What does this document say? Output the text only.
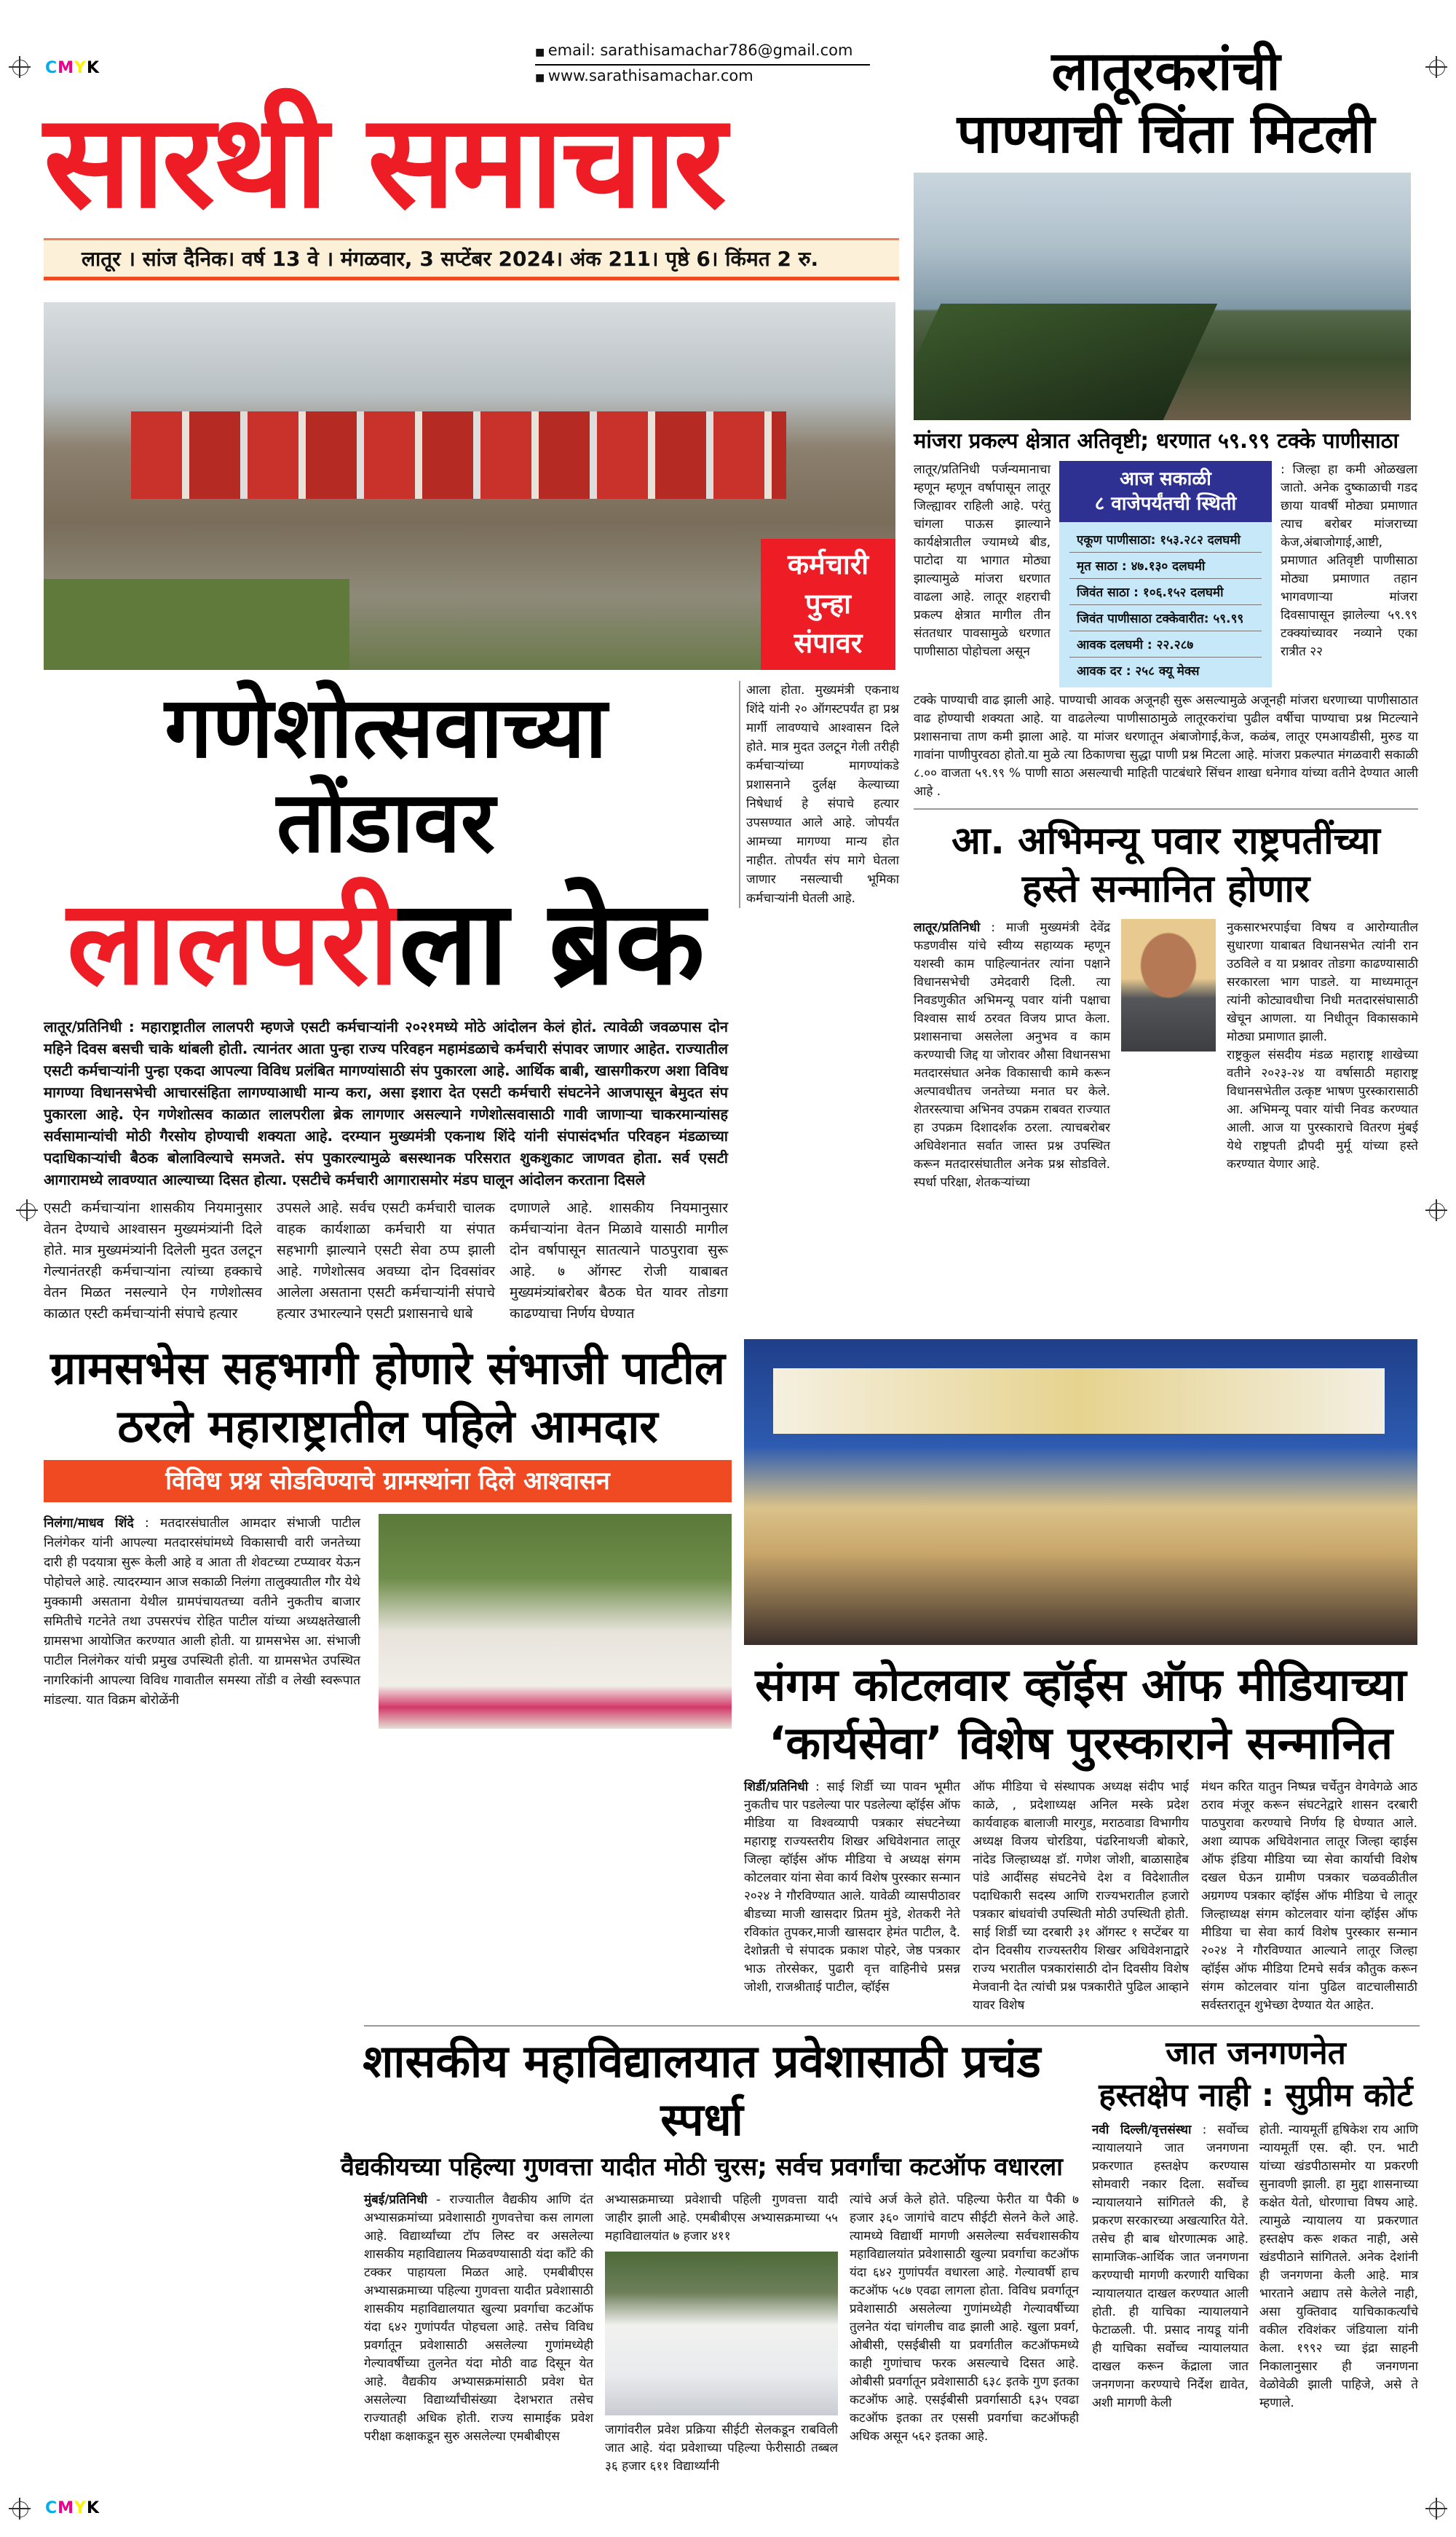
CMYK
■ email: sarathisamachar786@gmail.com
■ www.sarathisamachar.com
सारथी समाचार
लातूर । सांज दैनिक। वर्ष 13 वे । मंगळवार, 3 सप्टेंबर 2024। अंक 211। पृष्ठे 6। किंमत 2 रु.
कर्मचारी
पुन्हा
संपावर
गणेशोत्सवाच्या तोंडावर
लालपरीला ब्रेक
लातूर/प्रतिनिधी : महाराष्ट्रातील लालपरी म्हणजे एसटी कर्मचाऱ्यांनी २०२१मध्ये मोठे आंदोलन केलं होतं. त्यावेळी जवळपास दोन महिने दिवस बसची चाके थांबली होती. त्यानंतर आता पुन्हा राज्य परिवहन महामंडळाचे कर्मचारी संपावर जाणार आहेत. राज्यातील एसटी कर्मचाऱ्यांनी पुन्हा एकदा आपल्या विविध प्रलंबित मागण्यांसाठी संप पुकारला आहे. आर्थिक बाबी, खासगीकरण अशा विविध मागण्या विधानसभेची आचारसंहिता लागण्याआधी मान्य करा, असा इशारा देत एसटी कर्मचारी संघटनेने आजपासून बेमुदत संप पुकारला आहे. ऐन गणेशोत्सव काळात लालपरीला ब्रेक लागणार असल्याने गणेशोत्सवासाठी गावी जाणाऱ्या चाकरमान्यांसह सर्वसामान्यांची मोठी गैरसोय होण्याची शक्यता आहे. दरम्यान मुख्यमंत्री एकनाथ शिंदे यांनी संपासंदर्भात परिवहन मंडळाच्या पदाधिकाऱ्यांची बैठक बोलाविल्याचे समजते. संप पुकारल्यामुळे बसस्थानक परिसरात शुकशुकाट जाणवत होता. सर्व एसटी आगारामध्ये लावण्यात आल्याच्या दिसत होत्या. एसटीचे कर्मचारी आगारासमोर मंडप घालून आंदोलन करताना दिसले
एसटी कर्मचाऱ्यांना शासकीय नियमानुसार वेतन देण्याचे आश्वासन मुख्यमंत्र्यांनी दिले होते. मात्र मुख्यमंत्र्यांनी दिलेली मुदत उलटून गेल्यानंतरही कर्मचाऱ्यांना त्यांच्या हक्काचे वेतन मिळत नसल्याने ऐन गणेशोत्सव काळात एस्टी कर्मचाऱ्यांनी संपाचे हत्यार
उपसले आहे. सर्वच एसटी कर्मचारी चालक वाहक कार्यशाळा कर्मचारी या संपात सहभागी झाल्याने एसटी सेवा ठप्प झाली आहे. गणेशोत्सव अवघ्या दोन दिवसांवर आलेला असताना एसटी कर्मचाऱ्यांनी संपाचे हत्यार उभारल्याने एसटी प्रशासनाचे धाबे
दणाणले आहे. शासकीय नियमानुसार कर्मचाऱ्यांना वेतन मिळावे यासाठी मागील दोन वर्षापासून सातत्याने पाठपुरावा सुरू आहे. ७ ऑगस्ट रोजी याबाबत मुख्यमंत्र्यांबरोबर बैठक घेत यावर तोडगा काढण्याचा निर्णय घेण्यात
आला होता. मुख्यमंत्री एकनाथ शिंदे यांनी २० ऑगस्टपर्यंत हा प्रश्न मार्गी लावण्याचे आश्वासन दिले होते. मात्र मुदत उलटून गेली तरीही कर्मचाऱ्यांच्या मागण्यांकडे प्रशासनाने दुर्लक्ष केल्याच्या निषेधार्थ हे संपाचे हत्यार उपसण्यात आले आहे. जोपर्यंत आमच्या मागण्या मान्य होत नाहीत. तोपर्यंत संप मागे घेतला जाणार नसल्याची भूमिका कर्मचाऱ्यांनी घेतली आहे.
लातूरकरांची
पाण्याची चिंता मिटली
मांजरा प्रकल्प क्षेत्रात अतिवृष्टी; धरणात ५९.९९ टक्के पाणीसाठा
लातूर/प्रतिनिधी पर्जन्यमानाचा म्हणून म्हणून वर्षापासून लातूर जिल्ह्यावर राहिली आहे. परंतु चांगला पाऊस झाल्याने कार्यक्षेत्रातील ज्यामध्ये बीड, पाटोदा या भागात मोठ्या झाल्यामुळे मांजरा धरणात वाढला आहे. लातूर शहराची प्रकल्प क्षेत्रात मागील तीन संततधार पावसामुळे धरणात पाणीसाठा पोहोचला असून
आज सकाळी
८ वाजेपर्यंतची स्थिती
एकूण पाणीसाठा: १५३.२८२ दलघमी
मृत साठा : ४७.१३० दलघमी
जिवंत साठा : १०६.१५२ दलघमी
जिवंत पाणीसाठा टक्केवारीत: ५९.९९
आवक दलघमी : २२.२८७
आवक दर : २५८ क्यू मेक्स
: जिल्हा हा कमी ओळखला जातो. अनेक दुष्काळाची गडद छाया यावर्षी मोठ्या प्रमाणात त्याच बरोबर मांजराच्या केज,अंबाजोगाई,आष्टी, प्रमाणात अतिवृष्टी पाणीसाठा मोठ्या प्रमाणात तहान भागवणाऱ्या मांजरा दिवसापासून झालेल्या ५९.९९ टक्क्यांच्यावर नव्याने एका रात्रीत २२
टक्के पाण्याची वाढ झाली आहे. पाण्याची आवक अजूनही सुरू असल्यामुळे अजूनही मांजरा धरणाच्या पाणीसाठात वाढ होण्याची शक्यता आहे. या वाढलेल्या पाणीसाठामुळे लातूरकरांचा पुढील वर्षीचा पाण्याचा प्रश्न मिटल्याने प्रशासनाचा ताण कमी झाला आहे. या मांजर धरणातून अंबाजोगाई,केज, कळंब, लातूर एमआयडीसी, मुरुड या गावांना पाणीपुरवठा होतो.या मुळे त्या ठिकाणचा सुद्धा पाणी प्रश्न मिटला आहे. मांजरा प्रकल्पात मंगळवारी सकाळी ८.०० वाजता ५९.९९ % पाणी साठा असल्याची माहिती पाटबंधारे सिंचन शाखा धनेगाव यांच्या वतीने देण्यात आली आहे .
आ. अभिमन्यू पवार राष्ट्रपतींच्या
हस्ते सन्मानित होणार
लातूर/प्रतिनिधी : माजी मुख्यमंत्री देवेंद्र फडणवीस यांचे स्वीय्य सहाय्यक म्हणून यशस्वी काम पाहिल्यानंतर त्यांना पक्षाने विधानसभेची उमेदवारी दिली. त्या निवडणुकीत अभिमन्यू पवार यांनी पक्षाचा विश्वास सार्थ ठरवत विजय प्राप्त केला. प्रशासनाचा असलेला अनुभव व काम करण्याची जिद्द या जोरावर औसा विधानसभा मतदारसंघात अनेक विकासाची कामे करून अल्पावधीतच जनतेच्या मनात घर केले. शेतरस्त्याचा अभिनव उपक्रम राबवत राज्यात हा उपक्रम दिशादर्शक ठरला. त्याचबरोबर अधिवेशनात सर्वात जास्त प्रश्न उपस्थित करून मतदारसंघातील अनेक प्रश्न सोडविले. स्पर्धा परिक्षा, शेतकऱ्यांच्या
नुकसारभरपाईचा विषय व आरोग्यातील सुधारणा याबाबत विधानसभेत त्यांनी रान उठविले व या प्रश्नावर तोडगा काढण्यासाठी सरकारला भाग पाडले. या माध्यमातून त्यांनी कोट्यावधीचा निधी मतदारसंघासाठी खेचून आणला. या निधीतून विकासकामे मोठ्या प्रमाणात झाली.
राष्ट्रकुल संसदीय मंडळ महाराष्ट्र शाखेच्या वतीने २०२३-२४ या वर्षासाठी महाराष्ट्र विधानसभेतील उत्कृष्ट भाषण पुरस्कारासाठी आ. अभिमन्यू पवार यांची निवड करण्यात आली. आज या पुरस्काराचे वितरण मुंबई येथे राष्ट्रपती द्रौपदी मुर्मू यांच्या हस्ते करण्यात येणार आहे.
ग्रामसभेस सहभागी होणारे संभाजी पाटील
ठरले महाराष्ट्रातील पहिले आमदार
विविध प्रश्न सोडविण्याचे ग्रामस्थांना दिले आश्वासन
निलंगा/माधव शिंदे : मतदारसंघातील आमदार संभाजी पाटील निलंगेकर यांनी आपल्या मतदारसंघांमध्ये विकासाची वारी जनतेच्या दारी ही पदयात्रा सुरू केली आहे व आता ती शेवटच्या टप्प्यावर येऊन पोहोचले आहे. त्यादरम्यान आज सकाळी निलंगा तालुक्यातील गौर येथे मुक्कामी असताना येथील ग्रामपंचायतच्या वतीने नुकतीच बाजार समितीचे गटनेते तथा उपसरपंच रोहित पाटील यांच्या अध्यक्षतेखाली ग्रामसभा आयोजित करण्यात आली होती. या ग्रामसभेस आ. संभाजी पाटील निलंगेकर यांची प्रमुख उपस्थिती होती. या ग्रामसभेत उपस्थित नागरिकांनी आपल्या विविध गावातील समस्या तोंडी व लेखी स्वरूपात मांडल्या. यात विक्रम बोरोळेंनी	संगम कोटलवार व्हॉईस ऑफ मीडियाच्या
‘कार्यसेवा’ विशेष पुरस्काराने सन्मानित
शिर्डी/प्रतिनिधी : साई शिर्डी च्या पावन भूमीत नुकतीच पार पडलेल्या पार पडलेल्या व्हॉईस ऑफ मीडिया या विश्वव्यापी पत्रकार संघटनेच्या महाराष्ट्र राज्यस्तरीय शिखर अधिवेशनात लातूर जिल्हा व्हॉईस ऑफ मीडिया चे अध्यक्ष संगम कोटलवार यांना सेवा कार्य विशेष पुरस्कार सन्मान २०२४ ने गौरविण्यात आले. यावेळी व्यासपीठावर बीडच्या माजी खासदार प्रितम मुंडे, शेतकरी नेते रविकांत तुपकर,माजी खासदार हेमंत पाटील, दै. देशोन्नती चे संपादक प्रकाश पोहरे, जेष्ठ पत्रकार भाऊ तोरसेकर, पुढारी वृत्त वाहिनीचे प्रसन्न जोशी, राजश्रीताई पाटील, व्हॉईस
ऑफ मीडिया चे संस्थापक अध्यक्ष संदीप भाई काळे, , प्रदेशाध्यक्ष अनिल मस्के प्रदेश कार्यवाहक बालाजी मारगुड, मराठवाडा विभागीय अध्यक्ष विजय चोरडिया, पंढरिनाथजी बोकारे, नांदेड जिल्हाध्यक्ष डॉ. गणेश जोशी, बाळासाहेब पांडे आदींसह संघटनेचे देश व विदेशातील पदाधिकारी सदस्य आणि राज्यभरातील हजारो पत्रकार बांधवांची उपस्थिती मोठी उपस्थिती होती. साई शिर्डी च्या दरबारी ३१ ऑगस्ट १ सप्टेंबर या दोन दिवसीय राज्यस्तरीय शिखर अधिवेशनाद्वारे राज्य भरातील पत्रकारांसाठी दोन दिवसीय विशेष मेजवानी देत त्यांची प्रश्न पत्रकारीते पुढिल आव्हाने यावर विशेष
मंथन करित यातुन निष्पन्न चर्चेतुन वेगवेगळे आठ ठराव मंजूर करून संघटनेद्वारे शासन दरबारी पाठपुरावा करण्याचे निर्णय हि घेण्यात आले. अशा व्यापक अधिवेशनात लातूर जिल्हा व्हाईस ऑफ इंडिया मीडिया च्या सेवा कार्याची विशेष दखल घेऊन ग्रामीण पत्रकार चळवळीतील अग्रगण्य पत्रकार व्हॉईस ऑफ मीडिया चे लातूर जिल्हाध्यक्ष संगम कोटलवार यांना व्हॉईस ऑफ मीडिया चा सेवा कार्य विशेष पुरस्कार सन्मान २०२४ ने गौरविण्यात आल्याने लातूर जिल्हा व्हॉईस ऑफ मीडिया टिमचे सर्वत्र कौतुक करून संगम कोटलवार यांना पुढिल वाटचालीसाठी सर्वस्तरातून शुभेच्छा देण्यात येत आहेत.
शासकीय महाविद्यालयात प्रवेशासाठी प्रचंड स्पर्धा
वैद्यकीयच्या पहिल्या गुणवत्ता यादीत मोठी चुरस; सर्वच प्रवर्गांचा कटऑफ वधारला
मुंबई/प्रतिनिधी - राज्यातील वैद्यकीय आणि दंत अभ्यासक्रमांच्या प्रवेशासाठी गुणवत्तेचा कस लागला आहे. विद्यार्थ्यांच्या टॉप लिस्ट वर असलेल्या शासकीय महाविद्यालय मिळवण्यासाठी यंदा काँटे की टक्कर पाहायला मिळत आहे. एमबीबीएस अभ्यासक्रमाच्या पहिल्या गुणवत्ता यादीत प्रवेशासाठी शासकीय महाविद्यालयात खुल्या प्रवर्गाचा कटऑफ यंदा ६४२ गुणांपर्यंत पोहचला आहे. तसेच विविध प्रवर्गातून प्रवेशासाठी असलेल्या गुणांमध्येही गेल्यावर्षीच्या तुलनेत यंदा मोठी वाढ दिसून येत आहे. वैद्यकीय अभ्यासक्रमांसाठी प्रवेश घेत असलेल्या विद्यार्थ्यांचीसंख्या देशभरात तसेच राज्यातही अधिक होती. राज्य सामाईक प्रवेश परीक्षा कक्षाकडून सुरु असलेल्या एमबीबीएस
अभ्यासक्रमाच्या प्रवेशाची पहिली गुणवत्ता यादी जाहीर झाली आहे. एमबीबीएस अभ्यासक्रमाच्या ५५ महाविद्यालयांत ७ हजार ४११
जागांवरील प्रवेश प्रक्रिया सीईटी सेलकडून राबविली जात आहे. यंदा प्रवेशाच्या पहिल्या फेरीसाठी तब्बल ३६ हजार ६११ विद्यार्थ्यांनी
त्यांचे अर्ज केले होते. पहिल्या फेरीत या पैकी ७ हजार ३६० जागांचे वाटप सीईटी सेलने केले आहे. त्यामध्ये विद्यार्थी मागणी असलेल्या सर्वचशासकीय महाविद्यालयांत प्रवेशासाठी खुल्या प्रवर्गाचा कटऑफ यंदा ६४२ गुणांपर्यंत वधारला आहे. गेल्यावर्षी हाच कटऑफ ५८७ एवढा लागला होता. विविध प्रवर्गातून प्रवेशासाठी असलेल्या गुणांमध्येही गेल्यावर्षीच्या तुलनेत यंदा चांगलीच वाढ झाली आहे. खुला प्रवर्ग, ओबीसी, एसईबीसी या प्रवर्गातील कटऑफमध्ये काही गुणांचाच फरक असल्याचे दिसत आहे. ओबीसी प्रवर्गातून प्रवेशासाठी ६३८ इतके गुण इतका कटऑफ आहे. एसईबीसी प्रवर्गासाठी ६३५ एवढा कटऑफ इतका तर एससी प्रवर्गाचा कटऑफही अधिक असून ५६२ इतका आहे.
जात जनगणनेत
हस्तक्षेप नाही : सुप्रीम कोर्ट
नवी दिल्ली/वृत्तसंस्था : सर्वोच्च न्यायालयाने जात जनगणना प्रकरणात हस्तक्षेप करण्यास सोमवारी नकार दिला. सर्वोच्च न्यायालयाने सांगितले की, हे प्रकरण सरकारच्या अखत्यारित येते. तसेच ही बाब धोरणात्मक आहे. सामाजिक-आर्थिक जात जनगणना करण्याची मागणी करणारी याचिका न्यायालयात दाखल करण्यात आली होती. ही याचिका न्यायालयाने फेटाळली. पी. प्रसाद नायडू यांनी ही याचिका सर्वोच्च न्यायालयात दाखल करून केंद्राला जात जनगणना करण्याचे निर्देश द्यावेत, अशी मागणी केली
होती. न्यायमूर्ती हृषिकेश राय आणि न्यायमूर्ती एस. व्ही. एन. भाटी यांच्या खंडपीठासमोर या प्रकरणी सुनावणी झाली. हा मुद्दा शासनाच्या कक्षेत येतो, धोरणाचा विषय आहे. त्यामुळे न्यायालय या प्रकरणात हस्तक्षेप करू शकत नाही, असे खंडपीठाने सांगितले. अनेक देशांनी ही जनगणना केली आहे. मात्र भारताने अद्याप तसे केलेले नाही, असा युक्तिवाद याचिकाकर्त्यांचे वकील रविशंकर जंडियाला यांनी केला. १९९२ च्या इंद्रा साहनी निकालानुसार ही जनगणना वेळोवेळी झाली पाहिजे, असे ते म्हणाले.
CMYK
